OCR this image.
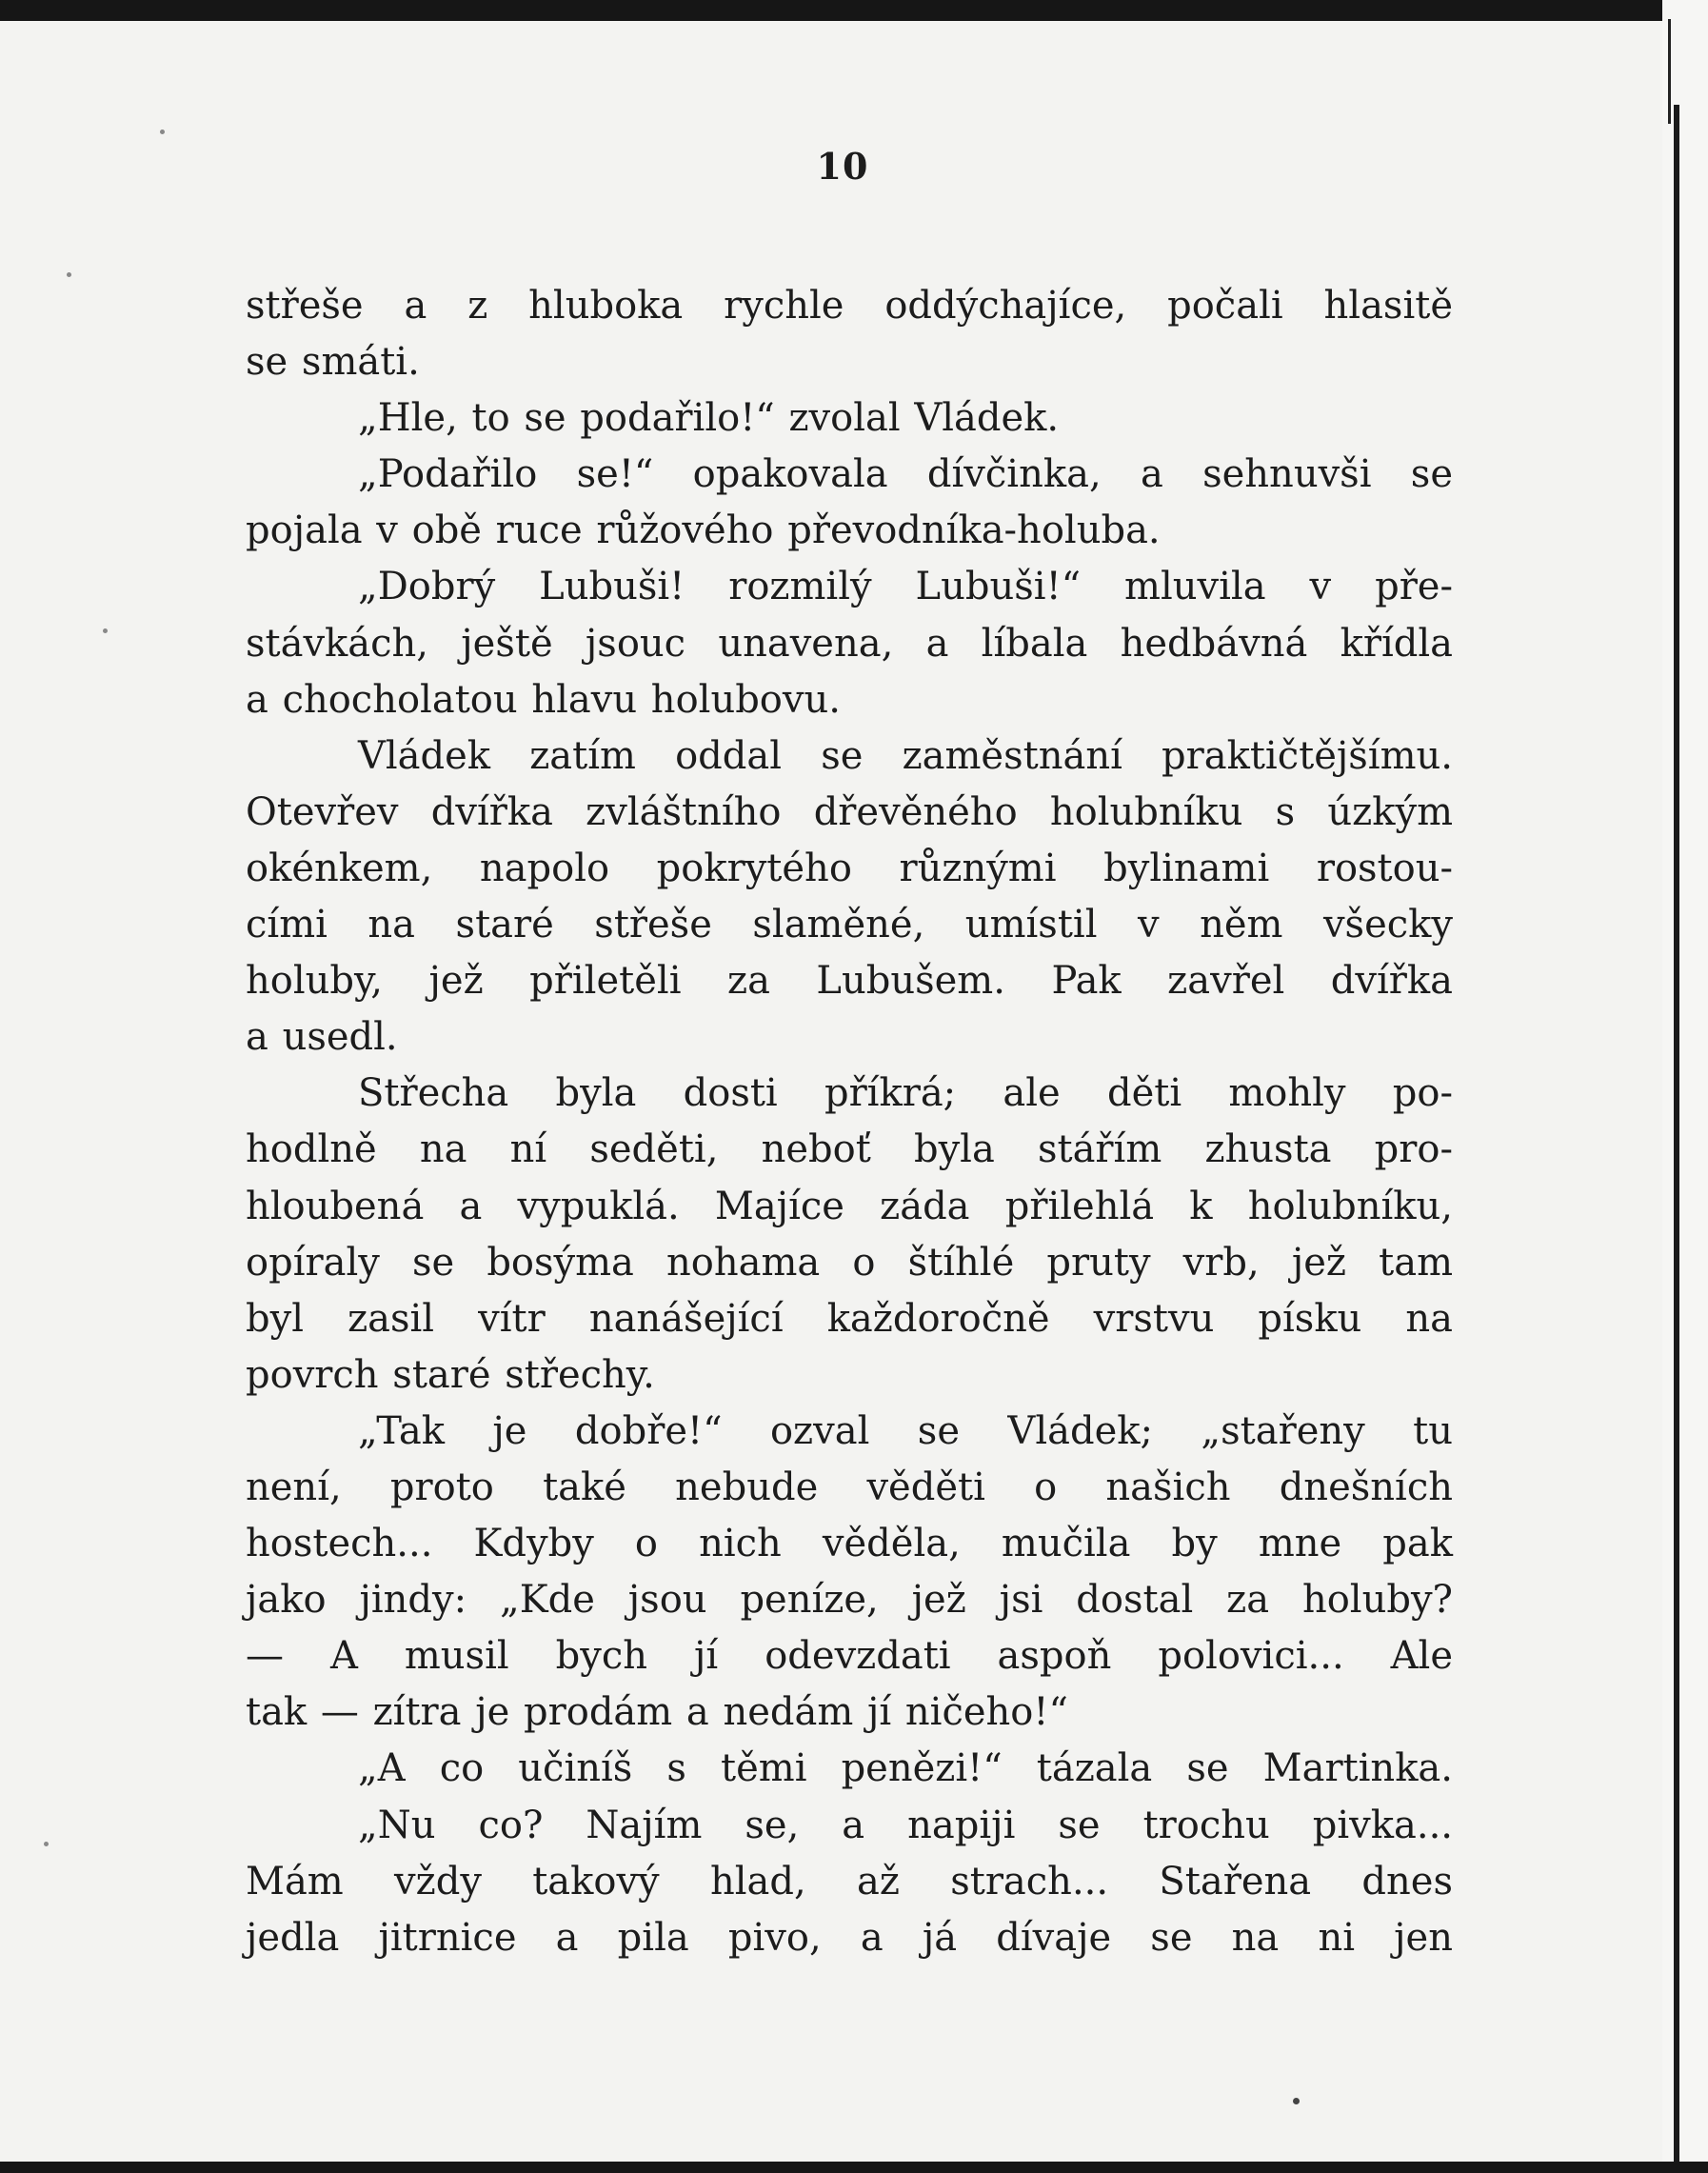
10
střeše a z hluboka rychle oddýchajíce, počali hlasitě
se smáti.
„Hle, to se podařilo!“ zvolal Vládek.
„Podařilo se!“ opakovala dívčinka, a sehnuvši se
pojala v obě ruce růžového převodníka-holuba.
„Dobrý Lubuši! rozmilý Lubuši!“ mluvila v pře-
stávkách, ještě jsouc unavena, a líbala hedbávná křídla
a chocholatou hlavu holubovu.
Vládek zatím oddal se zaměstnání praktičtějšímu.
Otevřev dvířka zvláštního dřevěného holubníku s úzkým
okénkem, napolo pokrytého různými bylinami rostou-
cími na staré střeše slaměné, umístil v něm všecky
holuby, jež přiletěli za Lubušem. Pak zavřel dvířka
a usedl.
Střecha byla dosti příkrá; ale děti mohly po-
hodlně na ní seděti, neboť byla stářím zhusta pro-
hloubená a vypuklá. Majíce záda přilehlá k holubníku,
opíraly se bosýma nohama o štíhlé pruty vrb, jež tam
byl zasil vítr nanášející každoročně vrstvu písku na
povrch staré střechy.
„Tak je dobře!“ ozval se Vládek; „stařeny tu
není, proto také nebude věděti o našich dnešních
hostech... Kdyby o nich věděla, mučila by mne pak
jako jindy: „Kde jsou peníze, jež jsi dostal za holuby?
— A musil bych jí odevzdati aspoň polovici... Ale
tak — zítra je prodám a nedám jí ničeho!“
„A co učiníš s těmi penězi!“ tázala se Martinka.
„Nu co? Najím se, a napiji se trochu pivka...
Mám vždy takový hlad, až strach... Stařena dnes
jedla jitrnice a pila pivo, a já dívaje se na ni jen
